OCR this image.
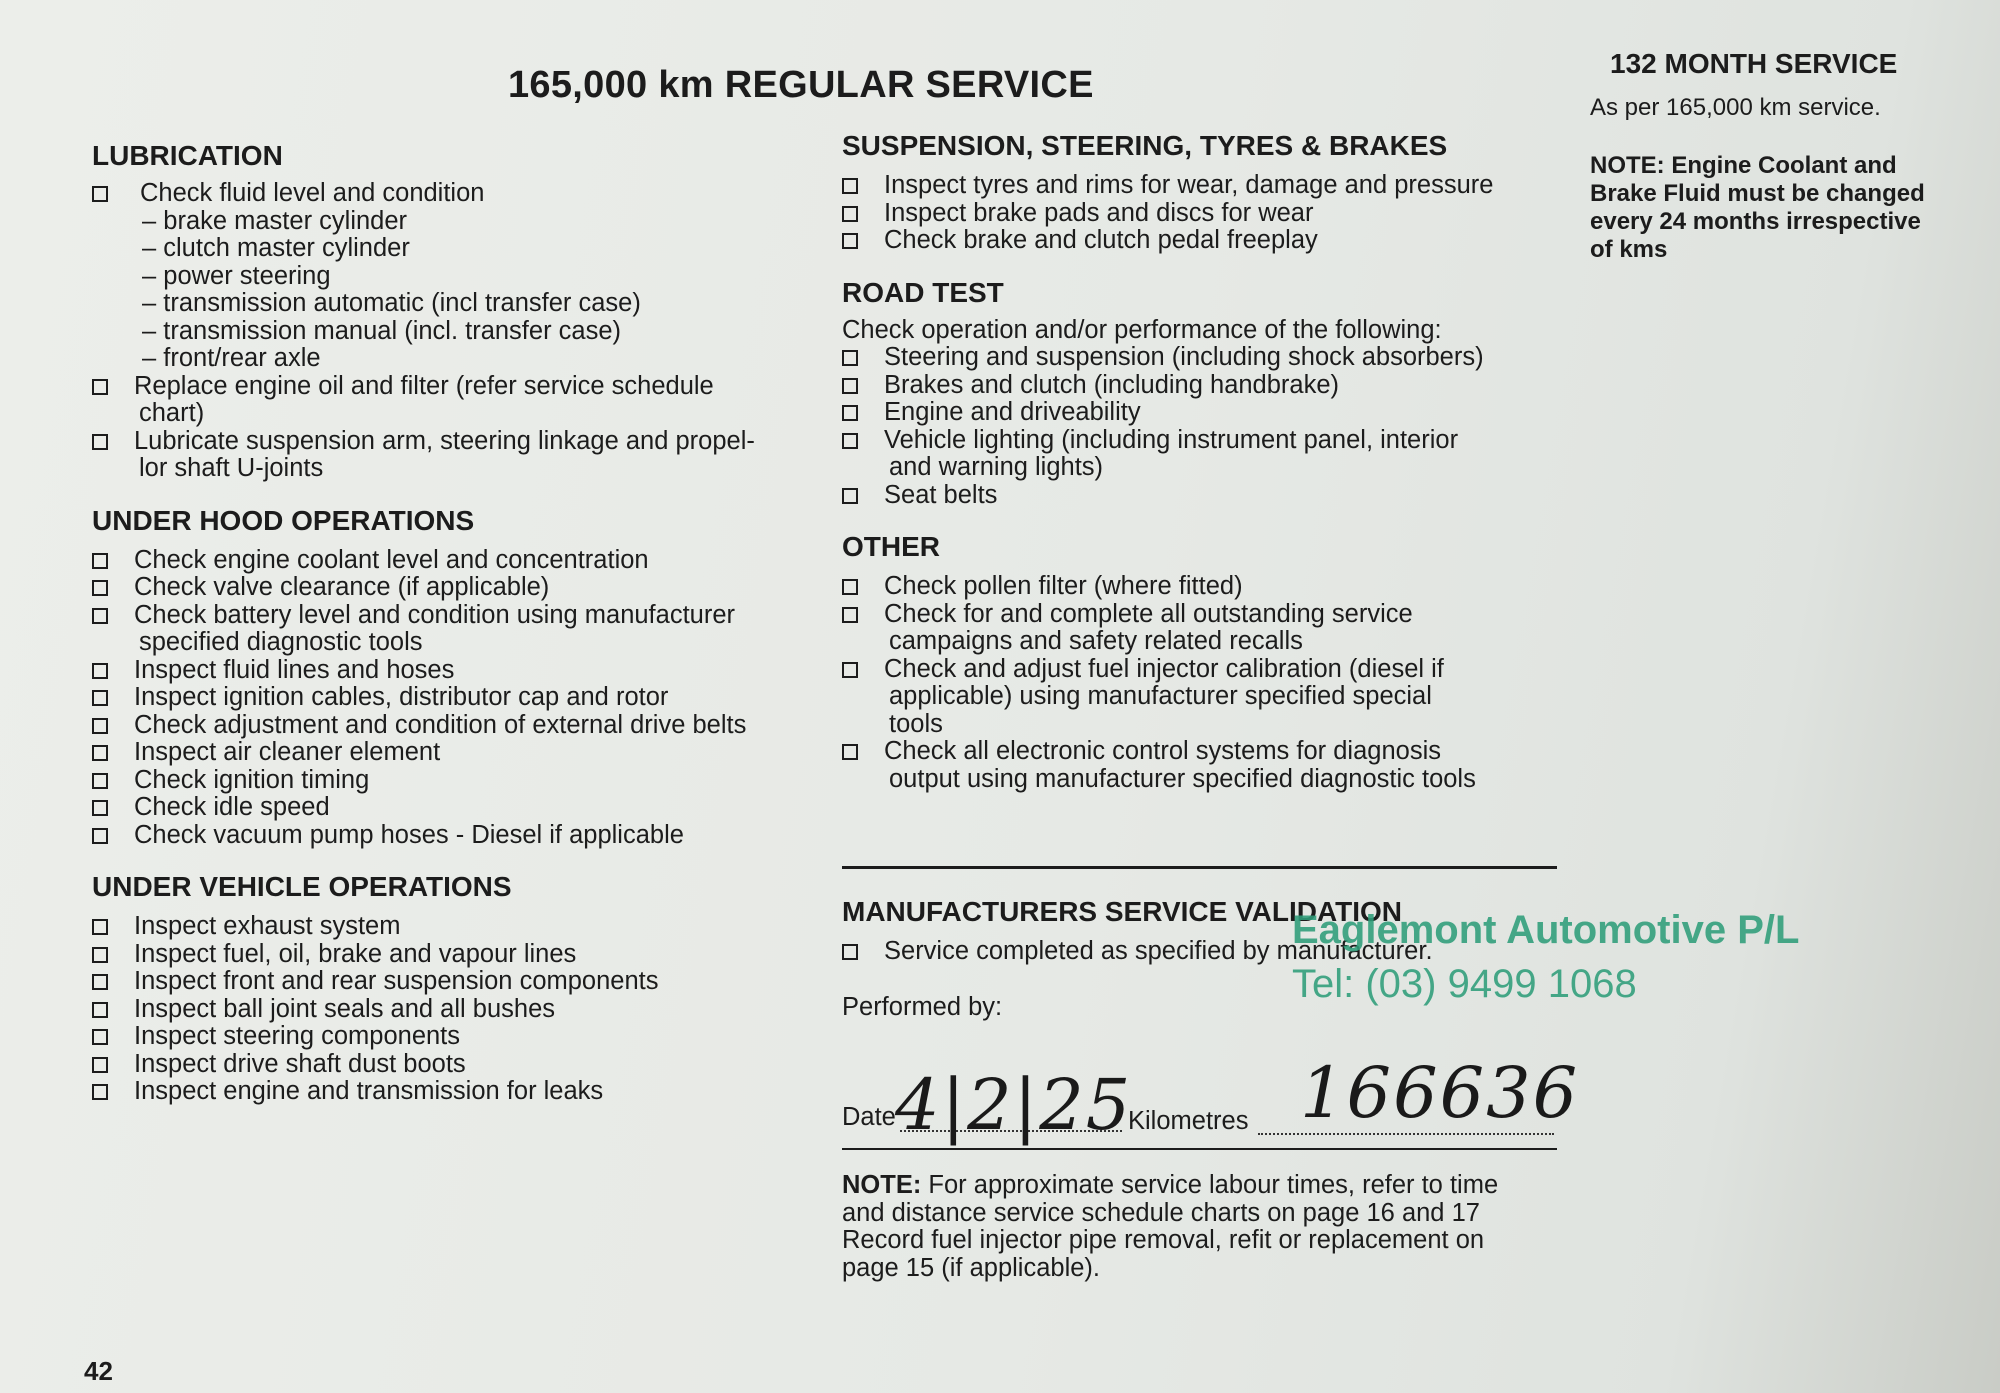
165,000 km REGULAR SERVICE
132 MONTH SERVICE
As per 165,000 km service.
NOTE: Engine Coolant and
Brake Fluid must be changed
every 24 months irrespective
of kms
LUBRICATION
Check fluid level and condition
– brake master cylinder
– clutch master cylinder
– power steering
– transmission automatic (incl transfer case)
– transmission manual (incl. transfer case)
– front/rear axle
Replace engine oil and filter (refer service schedule
chart)
Lubricate suspension arm, steering linkage and propel-
lor shaft U-joints
UNDER HOOD OPERATIONS
Check engine coolant level and concentration
Check valve clearance (if applicable)
Check battery level and condition using manufacturer
specified diagnostic tools
Inspect fluid lines and hoses
Inspect ignition cables, distributor cap and rotor
Check adjustment and condition of external drive belts
Inspect air cleaner element
Check ignition timing
Check idle speed
Check vacuum pump hoses - Diesel if applicable
UNDER VEHICLE OPERATIONS
Inspect exhaust system
Inspect fuel, oil, brake and vapour lines
Inspect front and rear suspension components
Inspect ball joint seals and all bushes
Inspect steering components
Inspect drive shaft dust boots
Inspect engine and transmission for leaks
SUSPENSION, STEERING, TYRES & BRAKES
Inspect tyres and rims for wear, damage and pressure
Inspect brake pads and discs for wear
Check brake and clutch pedal freeplay
ROAD TEST
Check operation and/or performance of the following:
Steering and suspension (including shock absorbers)
Brakes and clutch (including handbrake)
Engine and driveability
Vehicle lighting (including instrument panel, interior
and warning lights)
Seat belts
OTHER
Check pollen filter (where fitted)
Check for and complete all outstanding service
campaigns and safety related recalls
Check and adjust fuel injector calibration (diesel if
applicable) using manufacturer specified special
tools
Check all electronic control systems for diagnosis
output using manufacturer specified diagnostic tools
MANUFACTURERS SERVICE VALIDATION
Service completed as specified by manufacturer.
Performed by:
Date	Kilometres
4|2|25 166636
Eaglemont Automotive P/L
Tel: (03) 9499 1068
NOTE: For approximate service labour times, refer to time
and distance service schedule charts on page 16 and 17
Record fuel injector pipe removal, refit or replacement on
page 15 (if applicable).
42
